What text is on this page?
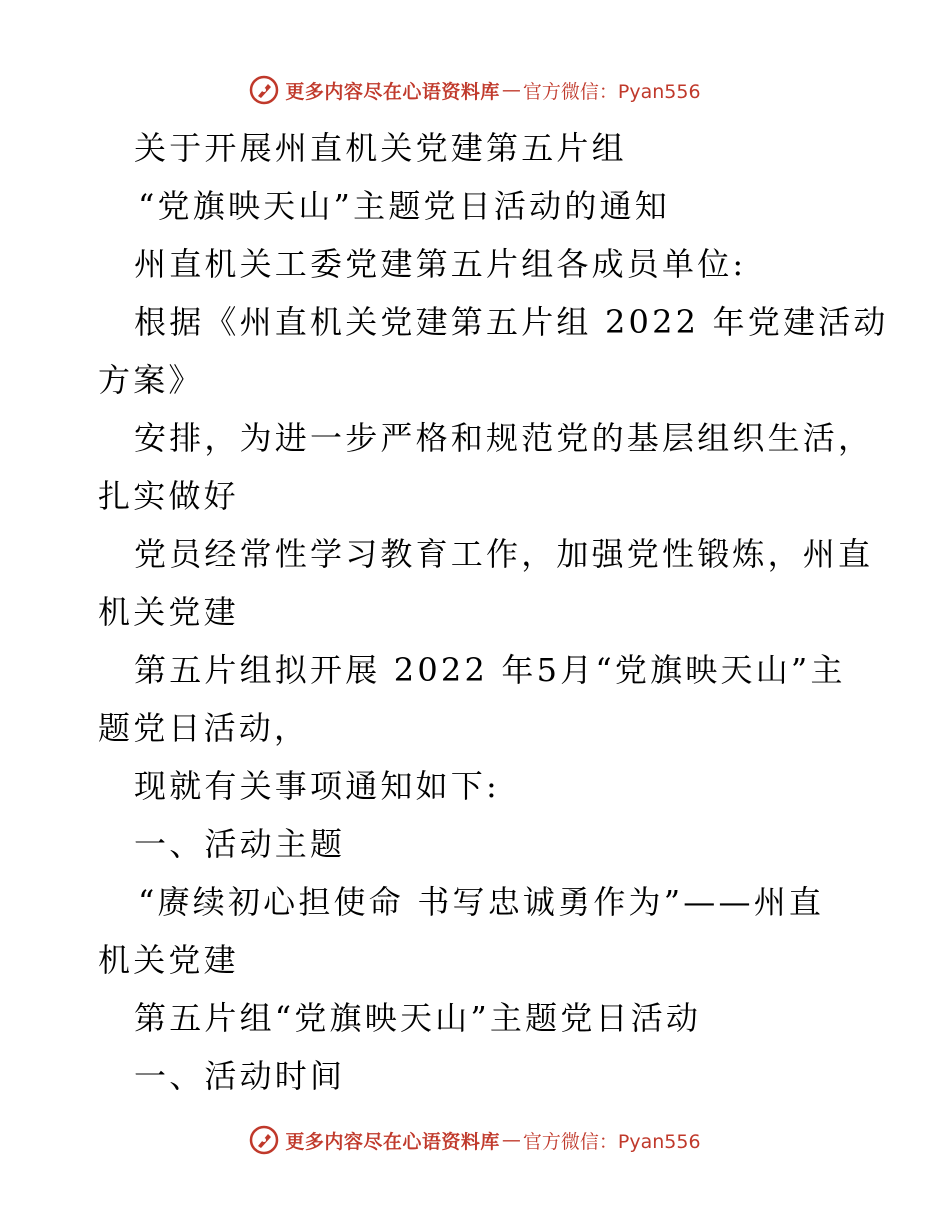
更多内容尽在心语资料库 — 官方微信：Pyan556
关于开展州直机关党建第五片组
“党旗映天山”主题党日活动的通知
州直机关工委党建第五片组各成员单位:
根据《州直机关党建第五片组 2022 年党建活动
方案》
安排，为进一步严格和规范党的基层组织生活，
扎实做好
党员经常性学习教育工作，加强党性锻炼，州直
机关党建
第五片组拟开展 2022 年5月“党旗映天山”主
题党日活动，
现就有关事项通知如下:
一、活动主题
“赓续初心担使命 书写忠诚勇作为”——州直
机关党建
第五片组“党旗映天山”主题党日活动
一、活动时间
更多内容尽在心语资料库 — 官方微信：Pyan556
